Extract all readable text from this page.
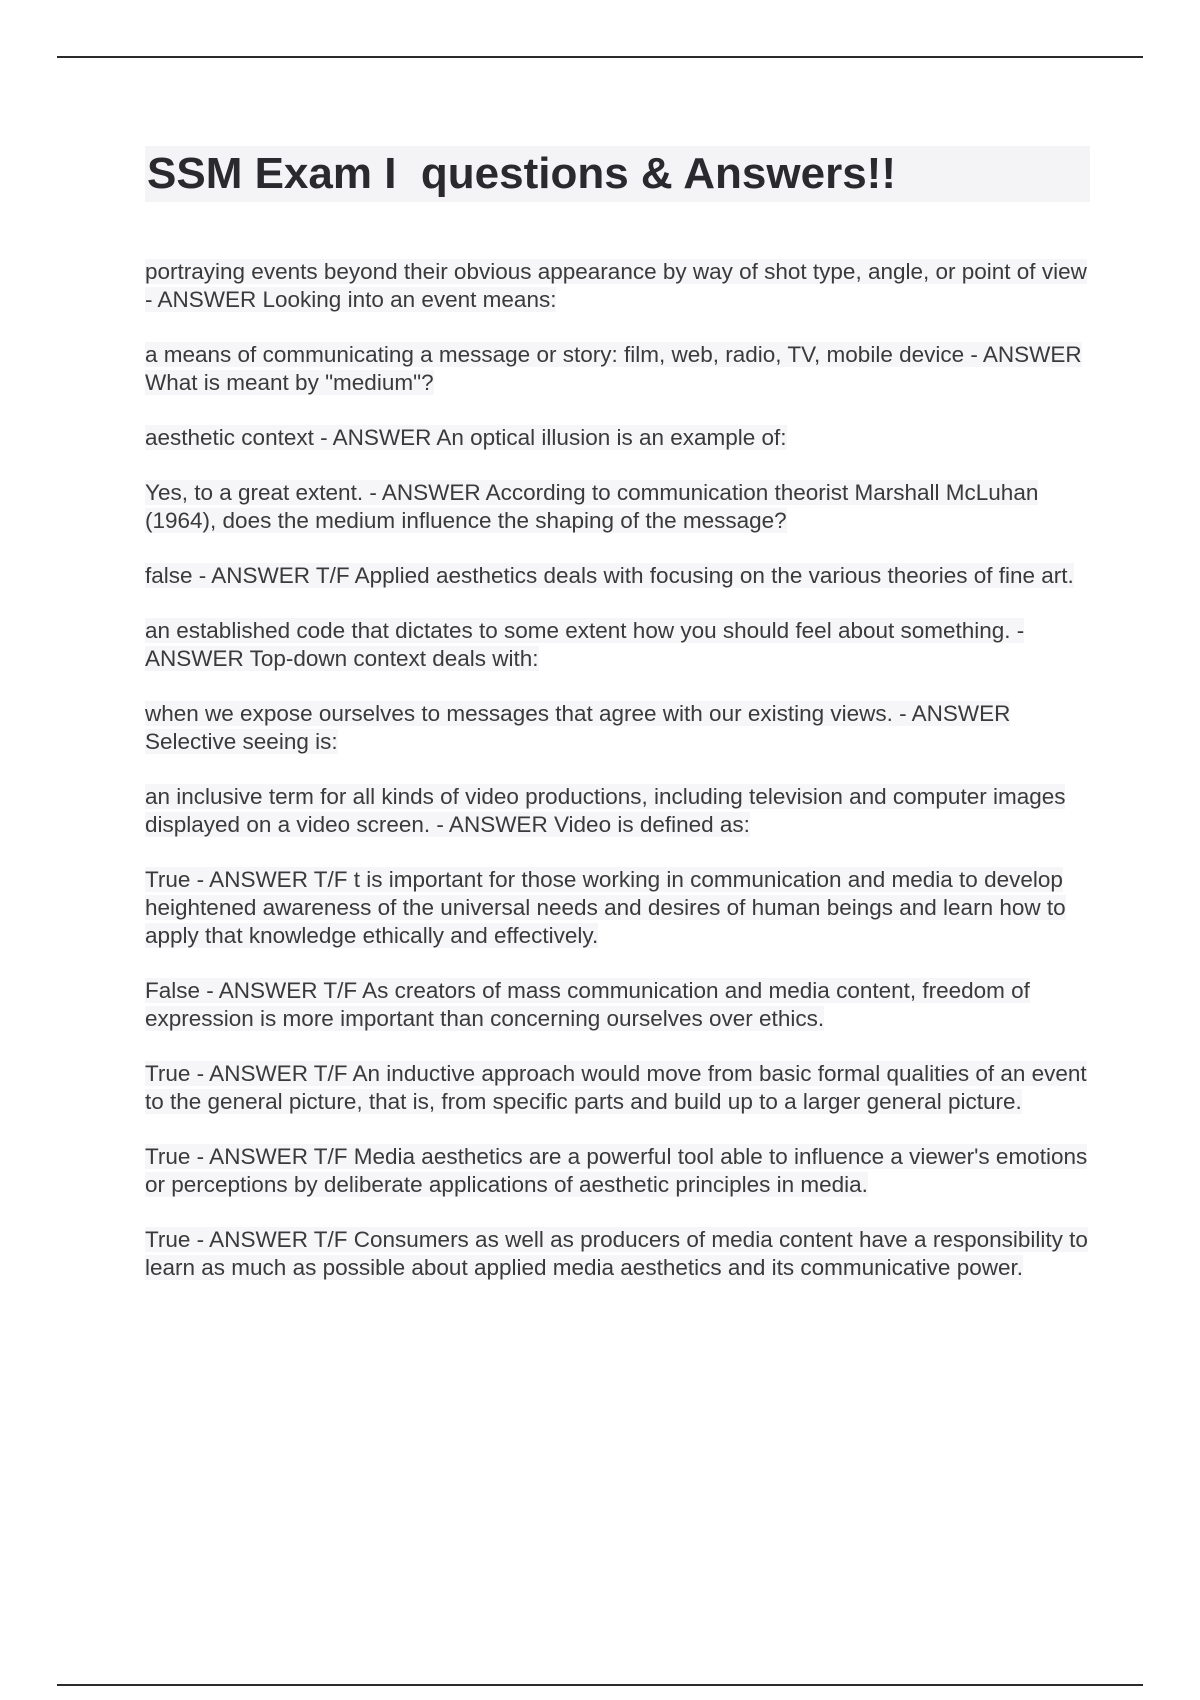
SSM Exam I  questions & Answers!!
portraying events beyond their obvious appearance by way of shot type, angle, or point of view - ANSWER Looking into an event means:
a means of communicating a message or story: film, web, radio, TV, mobile device - ANSWER What is meant by "medium"?
aesthetic context - ANSWER An optical illusion is an example of:
Yes, to a great extent. - ANSWER According to communication theorist Marshall McLuhan (1964), does the medium influence the shaping of the message?
false - ANSWER T/F Applied aesthetics deals with focusing on the various theories of fine art.
an established code that dictates to some extent how you should feel about something. - ANSWER Top-down context deals with:
when we expose ourselves to messages that agree with our existing views. - ANSWER Selective seeing is:
an inclusive term for all kinds of video productions, including television and computer images displayed on a video screen. - ANSWER Video is defined as:
True - ANSWER T/F t is important for those working in communication and media to develop heightened awareness of the universal needs and desires of human beings and learn how to apply that knowledge ethically and effectively.
False - ANSWER T/F As creators of mass communication and media content, freedom of expression is more important than concerning ourselves over ethics.
True - ANSWER T/F An inductive approach would move from basic formal qualities of an event to the general picture, that is, from specific parts and build up to a larger general picture.
True - ANSWER T/F Media aesthetics are a powerful tool able to influence a viewer's emotions or perceptions by deliberate applications of aesthetic principles in media.
True - ANSWER T/F Consumers as well as producers of media content have a responsibility to learn as much as possible about applied media aesthetics and its communicative power.
